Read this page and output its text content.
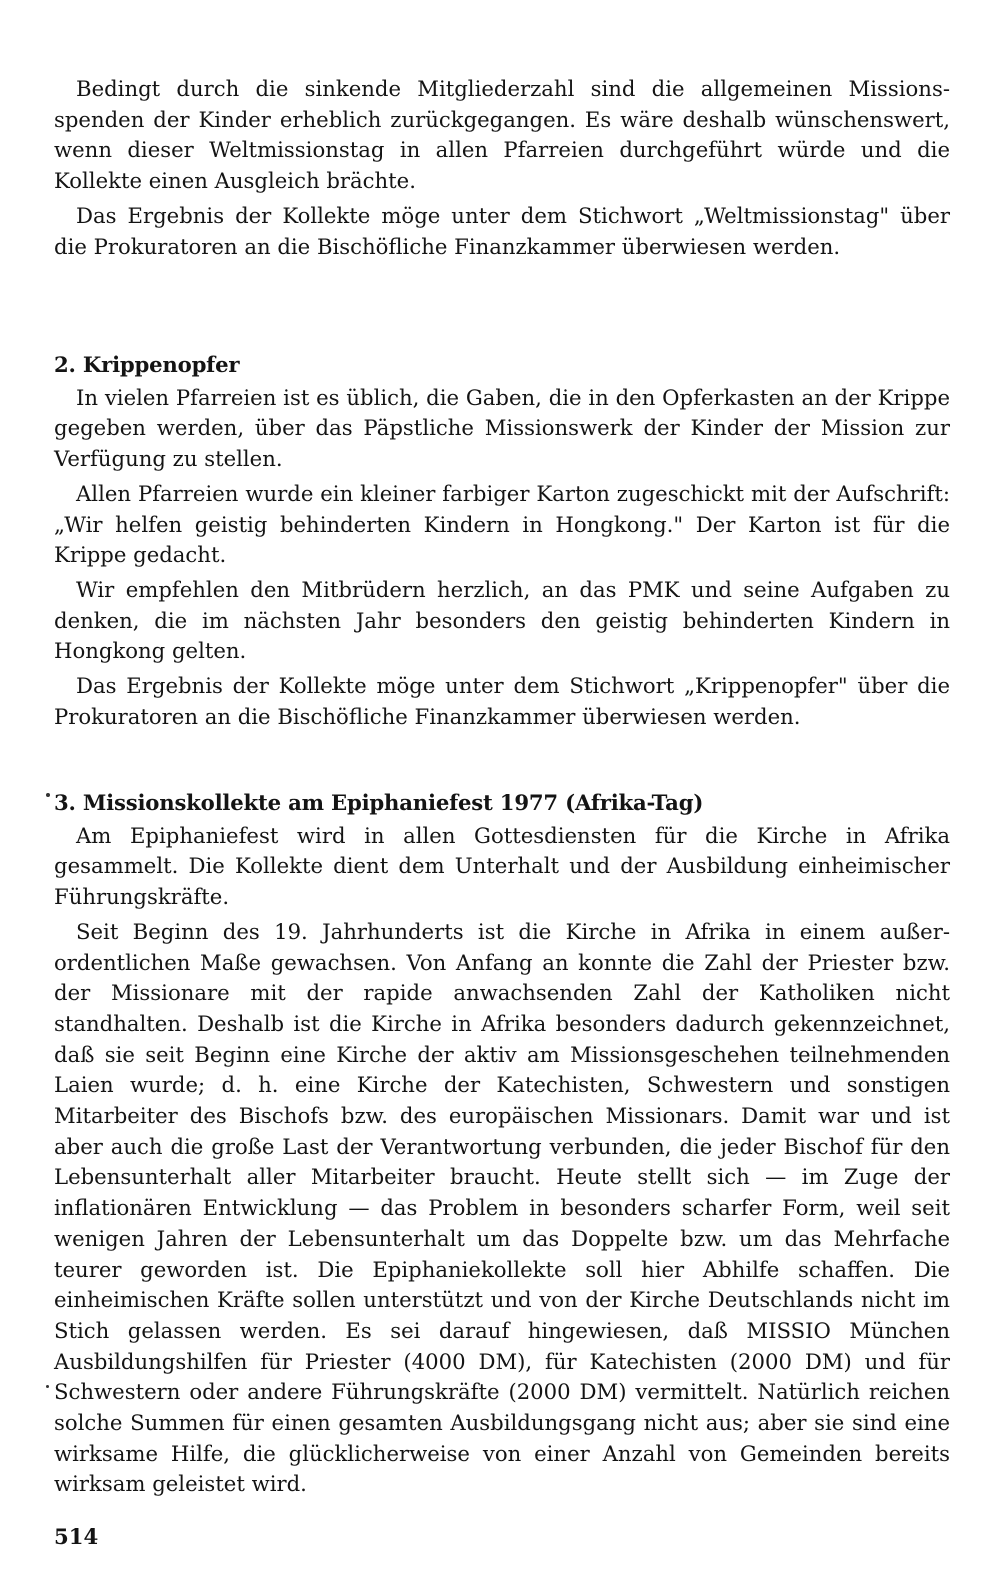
Bedingt durch die sinkende Mitgliederzahl sind die allgemeinen Missionsspenden der Kinder erheblich zurückgegangen. Es wäre deshalb wünschenswert, wenn dieser Weltmissionstag in allen Pfarreien durchgeführt würde und die Kollekte einen Ausgleich brächte.

Das Ergebnis der Kollekte möge unter dem Stichwort „Weltmissionstag" über die Prokuratoren an die Bischöfliche Finanzkammer überwiesen werden.

2. Krippenopfer

In vielen Pfarreien ist es üblich, die Gaben, die in den Opferkasten an der Krippe gegeben werden, über das Päpstliche Missionswerk der Kinder der Mission zur Verfügung zu stellen.

Allen Pfarreien wurde ein kleiner farbiger Karton zugeschickt mit der Aufschrift: „Wir helfen geistig behinderten Kindern in Hongkong." Der Karton ist für die Krippe gedacht.

Wir empfehlen den Mitbrüdern herzlich, an das PMK und seine Aufgaben zu denken, die im nächsten Jahr besonders den geistig behinderten Kindern in Hongkong gelten.

Das Ergebnis der Kollekte möge unter dem Stichwort „Krippenopfer" über die Prokuratoren an die Bischöfliche Finanzkammer überwiesen werden.

3. Missionskollekte am Epiphaniefest 1977 (Afrika-Tag)

Am Epiphaniefest wird in allen Gottesdiensten für die Kirche in Afrika gesammelt. Die Kollekte dient dem Unterhalt und der Ausbildung einheimischer Führungskräfte.

Seit Beginn des 19. Jahrhunderts ist die Kirche in Afrika in einem außerordentlichen Maße gewachsen. Von Anfang an konnte die Zahl der Priester bzw. der Missionare mit der rapide anwachsenden Zahl der Katholiken nicht standhalten. Deshalb ist die Kirche in Afrika besonders dadurch gekennzeichnet, daß sie seit Beginn eine Kirche der aktiv am Missionsgeschehen teilnehmenden Laien wurde; d. h. eine Kirche der Katechisten, Schwestern und sonstigen Mitarbeiter des Bischofs bzw. des europäischen Missionars. Damit war und ist aber auch die große Last der Verantwortung verbunden, die jeder Bischof für den Lebensunterhalt aller Mitarbeiter braucht. Heute stellt sich — im Zuge der inflationären Entwicklung — das Problem in besonders scharfer Form, weil seit wenigen Jahren der Lebensunterhalt um das Doppelte bzw. um das Mehrfache teurer geworden ist. Die Epiphaniekollekte soll hier Abhilfe schaffen. Die einheimischen Kräfte sollen unterstützt und von der Kirche Deutschlands nicht im Stich gelassen werden. Es sei darauf hingewiesen, daß MISSIO München Ausbildungshilfen für Priester (4000 DM), für Katechisten (2000 DM) und für Schwestern oder andere Führungskräfte (2000 DM) vermittelt. Natürlich reichen solche Summen für einen gesamten Ausbildungsgang nicht aus; aber sie sind eine wirksame Hilfe, die glücklicherweise von einer Anzahl von Gemeinden bereits wirksam geleistet wird.

514
